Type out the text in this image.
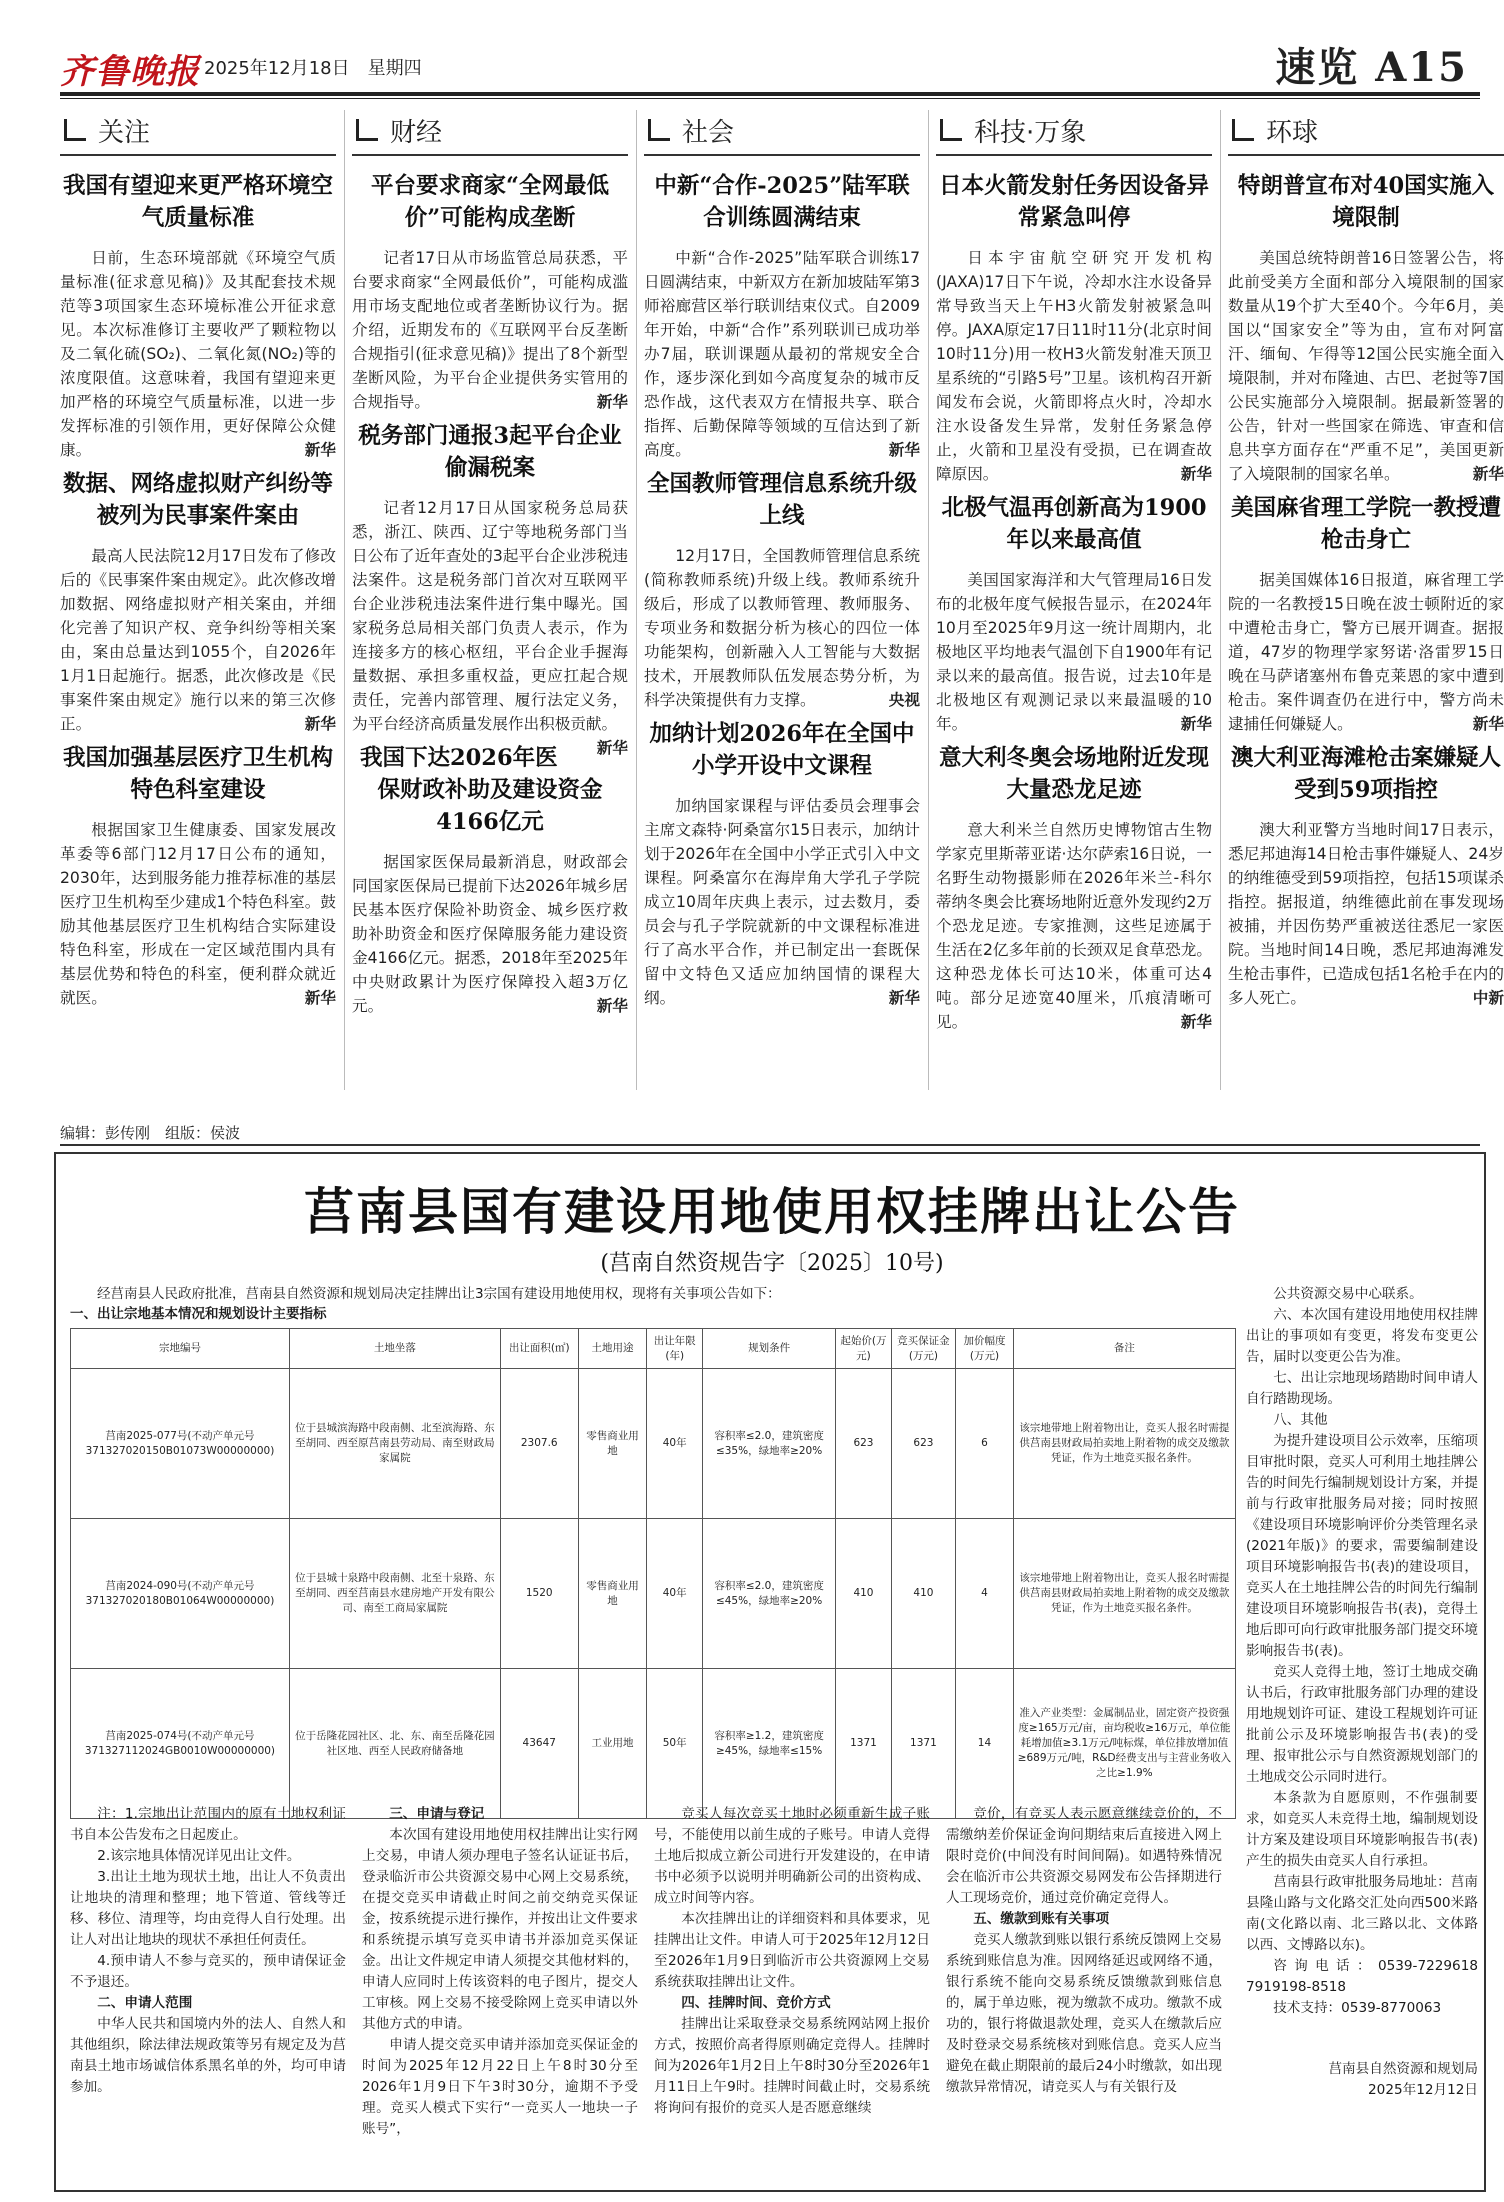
齐鲁晚报 2025年12月18日　星期四	速览 A15
关注
我国有望迎来更严格环境空气质量标准
日前，生态环境部就《环境空气质量标准(征求意见稿)》及其配套技术规范等3项国家生态环境标准公开征求意见。本次标准修订主要收严了颗粒物以及二氧化硫(SO₂)、二氧化氮(NO₂)等的浓度限值。这意味着，我国有望迎来更加严格的环境空气质量标准，以进一步发挥标准的引领作用，更好保障公众健康。	新华
数据、网络虚拟财产纠纷等被列为民事案件案由
最高人民法院12月17日发布了修改后的《民事案件案由规定》。此次修改增加数据、网络虚拟财产相关案由，并细化完善了知识产权、竞争纠纷等相关案由，案由总量达到1055个，自2026年1月1日起施行。据悉，此次修改是《民事案件案由规定》施行以来的第三次修正。	新华
我国加强基层医疗卫生机构特色科室建设
根据国家卫生健康委、国家发展改革委等6部门12月17日公布的通知，2030年，达到服务能力推荐标准的基层医疗卫生机构至少建成1个特色科室。鼓励其他基层医疗卫生机构结合实际建设特色科室，形成在一定区域范围内具有基层优势和特色的科室，便利群众就近就医。	新华
财经
平台要求商家“全网最低价”可能构成垄断
记者17日从市场监管总局获悉，平台要求商家“全网最低价”，可能构成滥用市场支配地位或者垄断协议行为。据介绍，近期发布的《互联网平台反垄断合规指引(征求意见稿)》提出了8个新型垄断风险，为平台企业提供务实管用的合规指导。	新华
税务部门通报3起平台企业偷漏税案
记者12月17日从国家税务总局获悉，浙江、陕西、辽宁等地税务部门当日公布了近年查处的3起平台企业涉税违法案件。这是税务部门首次对互联网平台企业涉税违法案件进行集中曝光。国家税务总局相关部门负责人表示，作为连接多方的核心枢纽，平台企业手握海量数据、承担多重权益，更应扛起合规责任，完善内部管理、履行法定义务，为平台经济高质量发展作出积极贡献。
新华
我国下达2026年医保财政补助及建设资金4166亿元
据国家医保局最新消息，财政部会同国家医保局已提前下达2026年城乡居民基本医疗保险补助资金、城乡医疗救助补助资金和医疗保障服务能力建设资金4166亿元。据悉，2018年至2025年中央财政累计为医疗保障投入超3万亿元。	新华
社会
中新“合作-2025”陆军联合训练圆满结束
中新“合作-2025”陆军联合训练17日圆满结束，中新双方在新加坡陆军第3师裕廊营区举行联训结束仪式。自2009年开始，中新“合作”系列联训已成功举办7届，联训课题从最初的常规安全合作，逐步深化到如今高度复杂的城市反恐作战，这代表双方在情报共享、联合指挥、后勤保障等领域的互信达到了新高度。	新华
全国教师管理信息系统升级上线
12月17日，全国教师管理信息系统(简称教师系统)升级上线。教师系统升级后，形成了以教师管理、教师服务、专项业务和数据分析为核心的四位一体功能架构，创新融入人工智能与大数据技术，开展教师队伍发展态势分析，为科学决策提供有力支撑。	央视
加纳计划2026年在全国中小学开设中文课程
加纳国家课程与评估委员会理事会主席文森特·阿桑富尔15日表示，加纳计划于2026年在全国中小学正式引入中文课程。阿桑富尔在海岸角大学孔子学院成立10周年庆典上表示，过去数月，委员会与孔子学院就新的中文课程标准进行了高水平合作，并已制定出一套既保留中文特色又适应加纳国情的课程大纲。	新华
科技·万象
日本火箭发射任务因设备异常紧急叫停
日本宇宙航空研究开发机构(JAXA)17日下午说，冷却水注水设备异常导致当天上午H3火箭发射被紧急叫停。JAXA原定17日11时11分(北京时间10时11分)用一枚H3火箭发射准天顶卫星系统的“引路5号”卫星。该机构召开新闻发布会说，火箭即将点火时，冷却水注水设备发生异常，发射任务紧急停止，火箭和卫星没有受损，已在调查故障原因。	新华
北极气温再创新高为1900年以来最高值
美国国家海洋和大气管理局16日发布的北极年度气候报告显示，在2024年10月至2025年9月这一统计周期内，北极地区平均地表气温创下自1900年有记录以来的最高值。报告说，过去10年是北极地区有观测记录以来最温暖的10年。	新华
意大利冬奥会场地附近发现大量恐龙足迹
意大利米兰自然历史博物馆古生物学家克里斯蒂亚诺·达尔萨索16日说，一名野生动物摄影师在2026年米兰-科尔蒂纳冬奥会比赛场地附近意外发现约2万个恐龙足迹。专家推测，这些足迹属于生活在2亿多年前的长颈双足食草恐龙。这种恐龙体长可达10米，体重可达4吨。部分足迹宽40厘米，爪痕清晰可见。	新华
环球
特朗普宣布对40国实施入境限制
美国总统特朗普16日签署公告，将此前受美方全面和部分入境限制的国家数量从19个扩大至40个。今年6月，美国以“国家安全”等为由，宣布对阿富汗、缅甸、乍得等12国公民实施全面入境限制，并对布隆迪、古巴、老挝等7国公民实施部分入境限制。据最新签署的公告，针对一些国家在筛选、审查和信息共享方面存在“严重不足”，美国更新了入境限制的国家名单。	新华
美国麻省理工学院一教授遭枪击身亡
据美国媒体16日报道，麻省理工学院的一名教授15日晚在波士顿附近的家中遭枪击身亡，警方已展开调查。据报道，47岁的物理学家努诺·洛雷罗15日晚在马萨诸塞州布鲁克莱恩的家中遭到枪击。案件调查仍在进行中，警方尚未逮捕任何嫌疑人。	新华
澳大利亚海滩枪击案嫌疑人受到59项指控
澳大利亚警方当地时间17日表示，悉尼邦迪海14日枪击事件嫌疑人、24岁的纳维德受到59项指控，包括15项谋杀指控。据报道，纳维德此前在事发现场被捕，并因伤势严重被送往悉尼一家医院。当地时间14日晚，悉尼邦迪海滩发生枪击事件，已造成包括1名枪手在内的多人死亡。	中新
编辑：彭传刚　组版：侯波
莒南县国有建设用地使用权挂牌出让公告
(莒南自然资规告字〔2025〕10号)

经莒南县人民政府批准，莒南县自然资源和规划局决定挂牌出让3宗国有建设用地使用权，现将有关事项公告如下：

一、出让宗地基本情况和规划设计主要指标
宗地编号	土地坐落	出让面积(㎡)	土地用途	出让年限(年)	规划条件	起始价(万元)	竞买保证金(万元)	加价幅度(万元)	备注
莒南2025-077号(不动产单元号371327020150B01073W00000000)	位于县城滨海路中段南侧、北至滨海路、东至胡同、西至原莒南县劳动局、南至财政局家属院	2307.6	零售商业用地	40年	容积率≤2.0，建筑密度≤35%，绿地率≥20%	623	623	6	该宗地带地上附着物出让，竞买人报名时需提供莒南县财政局拍卖地上附着物的成交及缴款凭证，作为土地竞买报名条件。
莒南2024-090号(不动产单元号371327020180B01064W00000000)	位于县城十泉路中段南侧、北至十泉路、东至胡同、西至莒南县水建房地产开发有限公司、南至工商局家属院	1520	零售商业用地	40年	容积率≤2.0，建筑密度≤45%，绿地率≥20%	410	410	4	该宗地带地上附着物出让，竞买人报名时需提供莒南县财政局拍卖地上附着物的成交及缴款凭证，作为土地竞买报名条件。
莒南2025-074号(不动产单元号371327112024GB0010W00000000)	位于岳隆花园社区、北、东、南至岳隆花园社区地、西至人民政府储备地	43647	工业用地	50年	容积率≥1.2，建筑密度≥45%，绿地率≤15%	1371	1371	14	准入产业类型：金属制品业，固定资产投资强度≥165万元/亩，亩均税收≥16万元，单位能耗增加值≥3.1万元/吨标煤，单位排放增加值≥689万元/吨，R&D经费支出与主营业务收入之比≥1.9%

公共资源交易中心联系。

六、本次国有建设用地使用权挂牌出让的事项如有变更，将发布变更公告，届时以变更公告为准。

七、出让宗地现场踏勘时间申请人自行踏勘现场。

八、其他

为提升建设项目公示效率，压缩项目审批时限，竞买人可利用土地挂牌公告的时间先行编制规划设计方案，并提前与行政审批服务局对接；同时按照《建设项目环境影响评价分类管理名录(2021年版)》的要求，需要编制建设项目环境影响报告书(表)的建设项目，竞买人在土地挂牌公告的时间先行编制建设项目环境影响报告书(表)，竞得土地后即可向行政审批服务部门提交环境影响报告书(表)。

竞买人竞得土地，签订土地成交确认书后，行政审批服务部门办理的建设用地规划许可证、建设工程规划许可证批前公示及环境影响报告书(表)的受理、报审批公示与自然资源规划部门的土地成交公示同时进行。

本条款为自愿原则，不作强制要求，如竞买人未竞得土地，编制规划设计方案及建设项目环境影响报告书(表)产生的损失由竞买人自行承担。

莒南县行政审批服务局地址：莒南县隆山路与文化路交汇处向西500米路南(文化路以南、北三路以北、文体路以西、文博路以东)。

咨询电话：0539-7229618　7919198-8518

技术支持：0539-8770063

莒南县自然资源和规划局
2025年12月12日

注：1.宗地出让范围内的原有土地权利证书自本公告发布之日起废止。

2.该宗地具体情况详见出让文件。

3.出让土地为现状土地，出让人不负责出让地块的清理和整理；地下管道、管线等迁移、移位、清理等，均由竞得人自行处理。出让人对出让地块的现状不承担任何责任。

4.预申请人不参与竞买的，预申请保证金不予退还。

二、申请人范围

中华人民共和国境内外的法人、自然人和其他组织，除法律法规政策等另有规定及为莒南县土地市场诚信体系黑名单的外，均可申请参加。

三、申请与登记

本次国有建设用地使用权挂牌出让实行网上交易，申请人须办理电子签名认证证书后，登录临沂市公共资源交易中心网上交易系统，在提交竞买申请截止时间之前交纳竞买保证金，按系统提示进行操作，并按出让文件要求和系统提示填写竞买申请书并添加竞买保证金。出让文件规定申请人须提交其他材料的，申请人应同时上传该资料的电子图片，提交人工审核。网上交易不接受除网上竞买申请以外其他方式的申请。

申请人提交竞买申请并添加竞买保证金的时间为2025年12月22日上午8时30分至2026年1月9日下午3时30分，逾期不予受理。竞买人模式下实行“一竞买人一地块一子账号”，

竞买人每次竞买土地时必须重新生成子账号，不能使用以前生成的子账号。申请人竞得土地后拟成立新公司进行开发建设的，在申请书中必须予以说明并明确新公司的出资构成、成立时间等内容。

本次挂牌出让的详细资料和具体要求，见挂牌出让文件。申请人可于2025年12月12日至2026年1月9日到临沂市公共资源网上交易系统获取挂牌出让文件。

四、挂牌时间、竞价方式

挂牌出让采取登录交易系统网站网上报价方式，按照价高者得原则确定竞得人。挂牌时间为2026年1月2日上午8时30分至2026年1月11日上午9时。挂牌时间截止时，交易系统将询问有报价的竞买人是否愿意继续

竞价，有竞买人表示愿意继续竞价的，不需缴纳差价保证金询问期结束后直接进入网上限时竞价(中间没有时间间隔)。如遇特殊情况会在临沂市公共资源交易网发布公告择期进行人工现场竞价，通过竞价确定竞得人。

五、缴款到账有关事项

竞买人缴款到账以银行系统反馈网上交易系统到账信息为准。因网络延迟或网络不通，银行系统不能向交易系统反馈缴款到账信息的，属于单边账，视为缴款不成功。缴款不成功的，银行将做退款处理，竞买人在缴款后应及时登录交易系统核对到账信息。竞买人应当避免在截止期限前的最后24小时缴款，如出现缴款异常情况，请竞买人与有关银行及
